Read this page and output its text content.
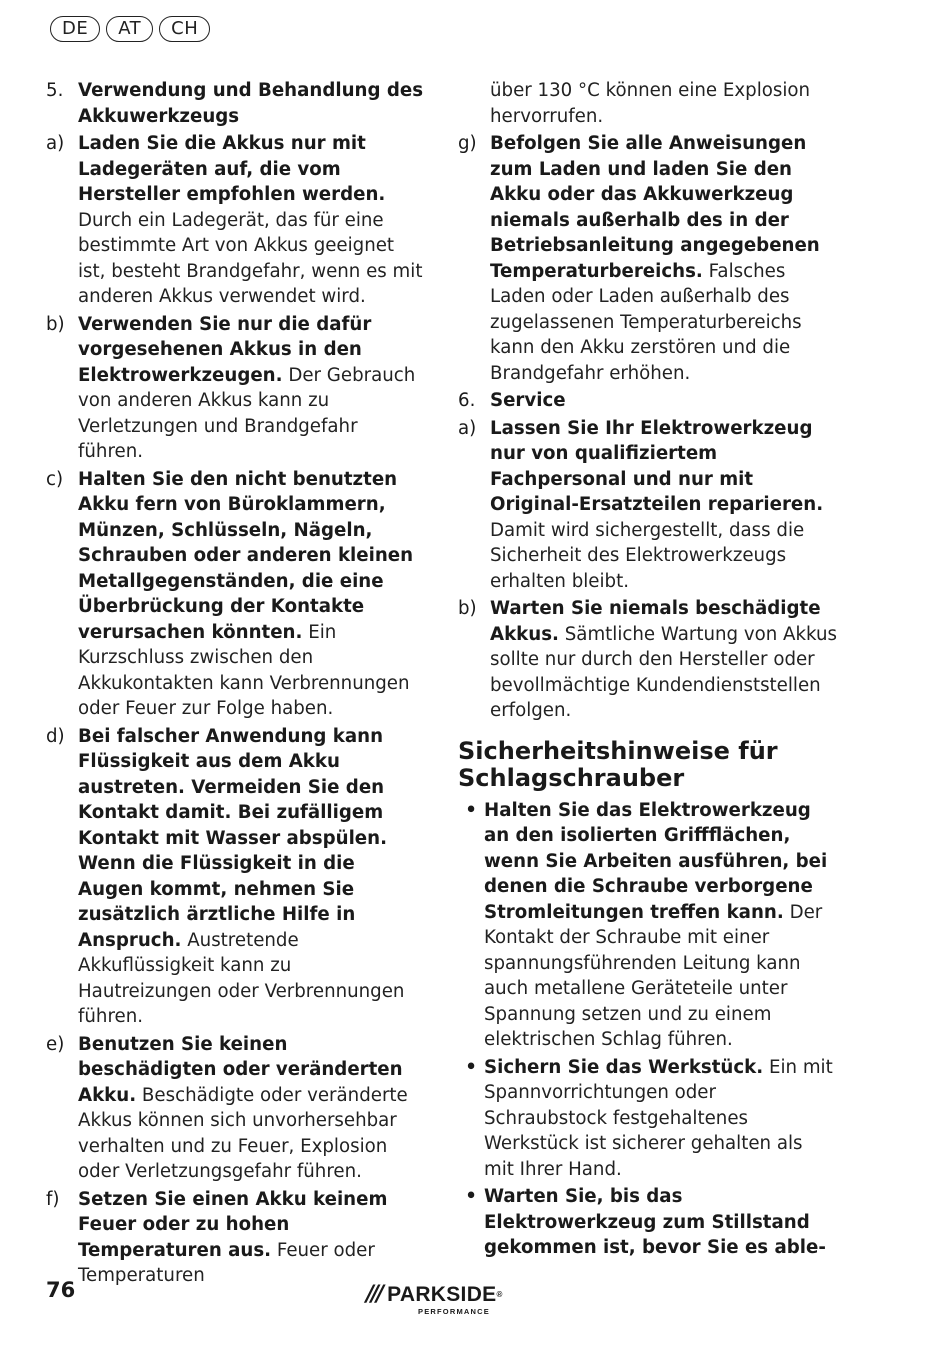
DE	AT	CH
5. Verwendung und Behandlung des Akkuwerkzeugs
a) Laden Sie die Akkus nur mit Ladegeräten auf, die vom Hersteller empfohlen werden. Durch ein Ladegerät, das für eine bestimmte Art von Akkus geeignet ist, besteht Brandgefahr, wenn es mit anderen Akkus verwendet wird.
b) Verwenden Sie nur die dafür vorgesehenen Akkus in den Elektrowerkzeugen. Der Gebrauch von anderen Akkus kann zu Verletzungen und Brandgefahr führen.
c) Halten Sie den nicht benutzten Akku fern von Büroklammern, Münzen, Schlüsseln, Nägeln, Schrauben oder anderen kleinen Metallgegenständen, die eine Überbrückung der Kontakte verursachen könnten. Ein Kurzschluss zwischen den Akkukontakten kann Verbrennungen oder Feuer zur Folge haben.
d) Bei falscher Anwendung kann Flüssigkeit aus dem Akku austreten. Vermeiden Sie den Kontakt damit. Bei zufälligem Kontakt mit Wasser abspülen. Wenn die Flüssigkeit in die Augen kommt, nehmen Sie zusätzlich ärztliche Hilfe in Anspruch. Austretende Akkuflüssigkeit kann zu Hautreizungen oder Verbrennungen führen.
e) Benutzen Sie keinen beschädigten oder veränderten Akku. Beschädigte oder veränderte Akkus können sich unvorhersehbar verhalten und zu Feuer, Explosion oder Verletzungsgefahr führen.
f)	Setzen Sie einen Akku keinem Feuer oder zu hohen Temperaturen aus. Feuer oder Temperaturen
über 130 °C können eine Explosion hervorrufen.
g) Befolgen Sie alle Anweisungen zum Laden und laden Sie den Akku oder das Akkuwerkzeug niemals außerhalb des in der Betriebsanleitung angegebenen Temperaturbereichs. Falsches Laden oder Laden außerhalb des zugelassenen Temperaturbereichs kann den Akku zerstören und die Brandgefahr erhöhen.
6. Service
a) Lassen Sie Ihr Elektrowerkzeug nur von qualifiziertem Fachpersonal und nur mit Original-Ersatzteilen reparieren. Damit wird sichergestellt, dass die Sicherheit des Elektrowerkzeugs erhalten bleibt.
b) Warten Sie niemals beschädigte Akkus. Sämtliche Wartung von Akkus sollte nur durch den Hersteller oder bevollmächtige Kundendienststellen erfolgen.
Sicherheitshinweise für Schlagschrauber
• Halten Sie das Elektrowerkzeug an den isolierten Griffflächen, wenn Sie Arbeiten ausführen, bei denen die Schraube verborgene Stromleitungen treffen kann. Der Kontakt der Schraube mit einer spannungsführenden Leitung kann auch metallene Geräteteile unter Spannung setzen und zu einem elektrischen Schlag führen.
• Sichern Sie das Werkstück. Ein mit Spannvorrichtungen oder Schraubstock festgehaltenes Werkstück ist sicherer gehalten als mit Ihrer Hand.
• Warten Sie, bis das Elektrowerkzeug zum Stillstand gekommen ist, bevor Sie es able-
76	/// PARKSIDE®
PERFORMANCE
